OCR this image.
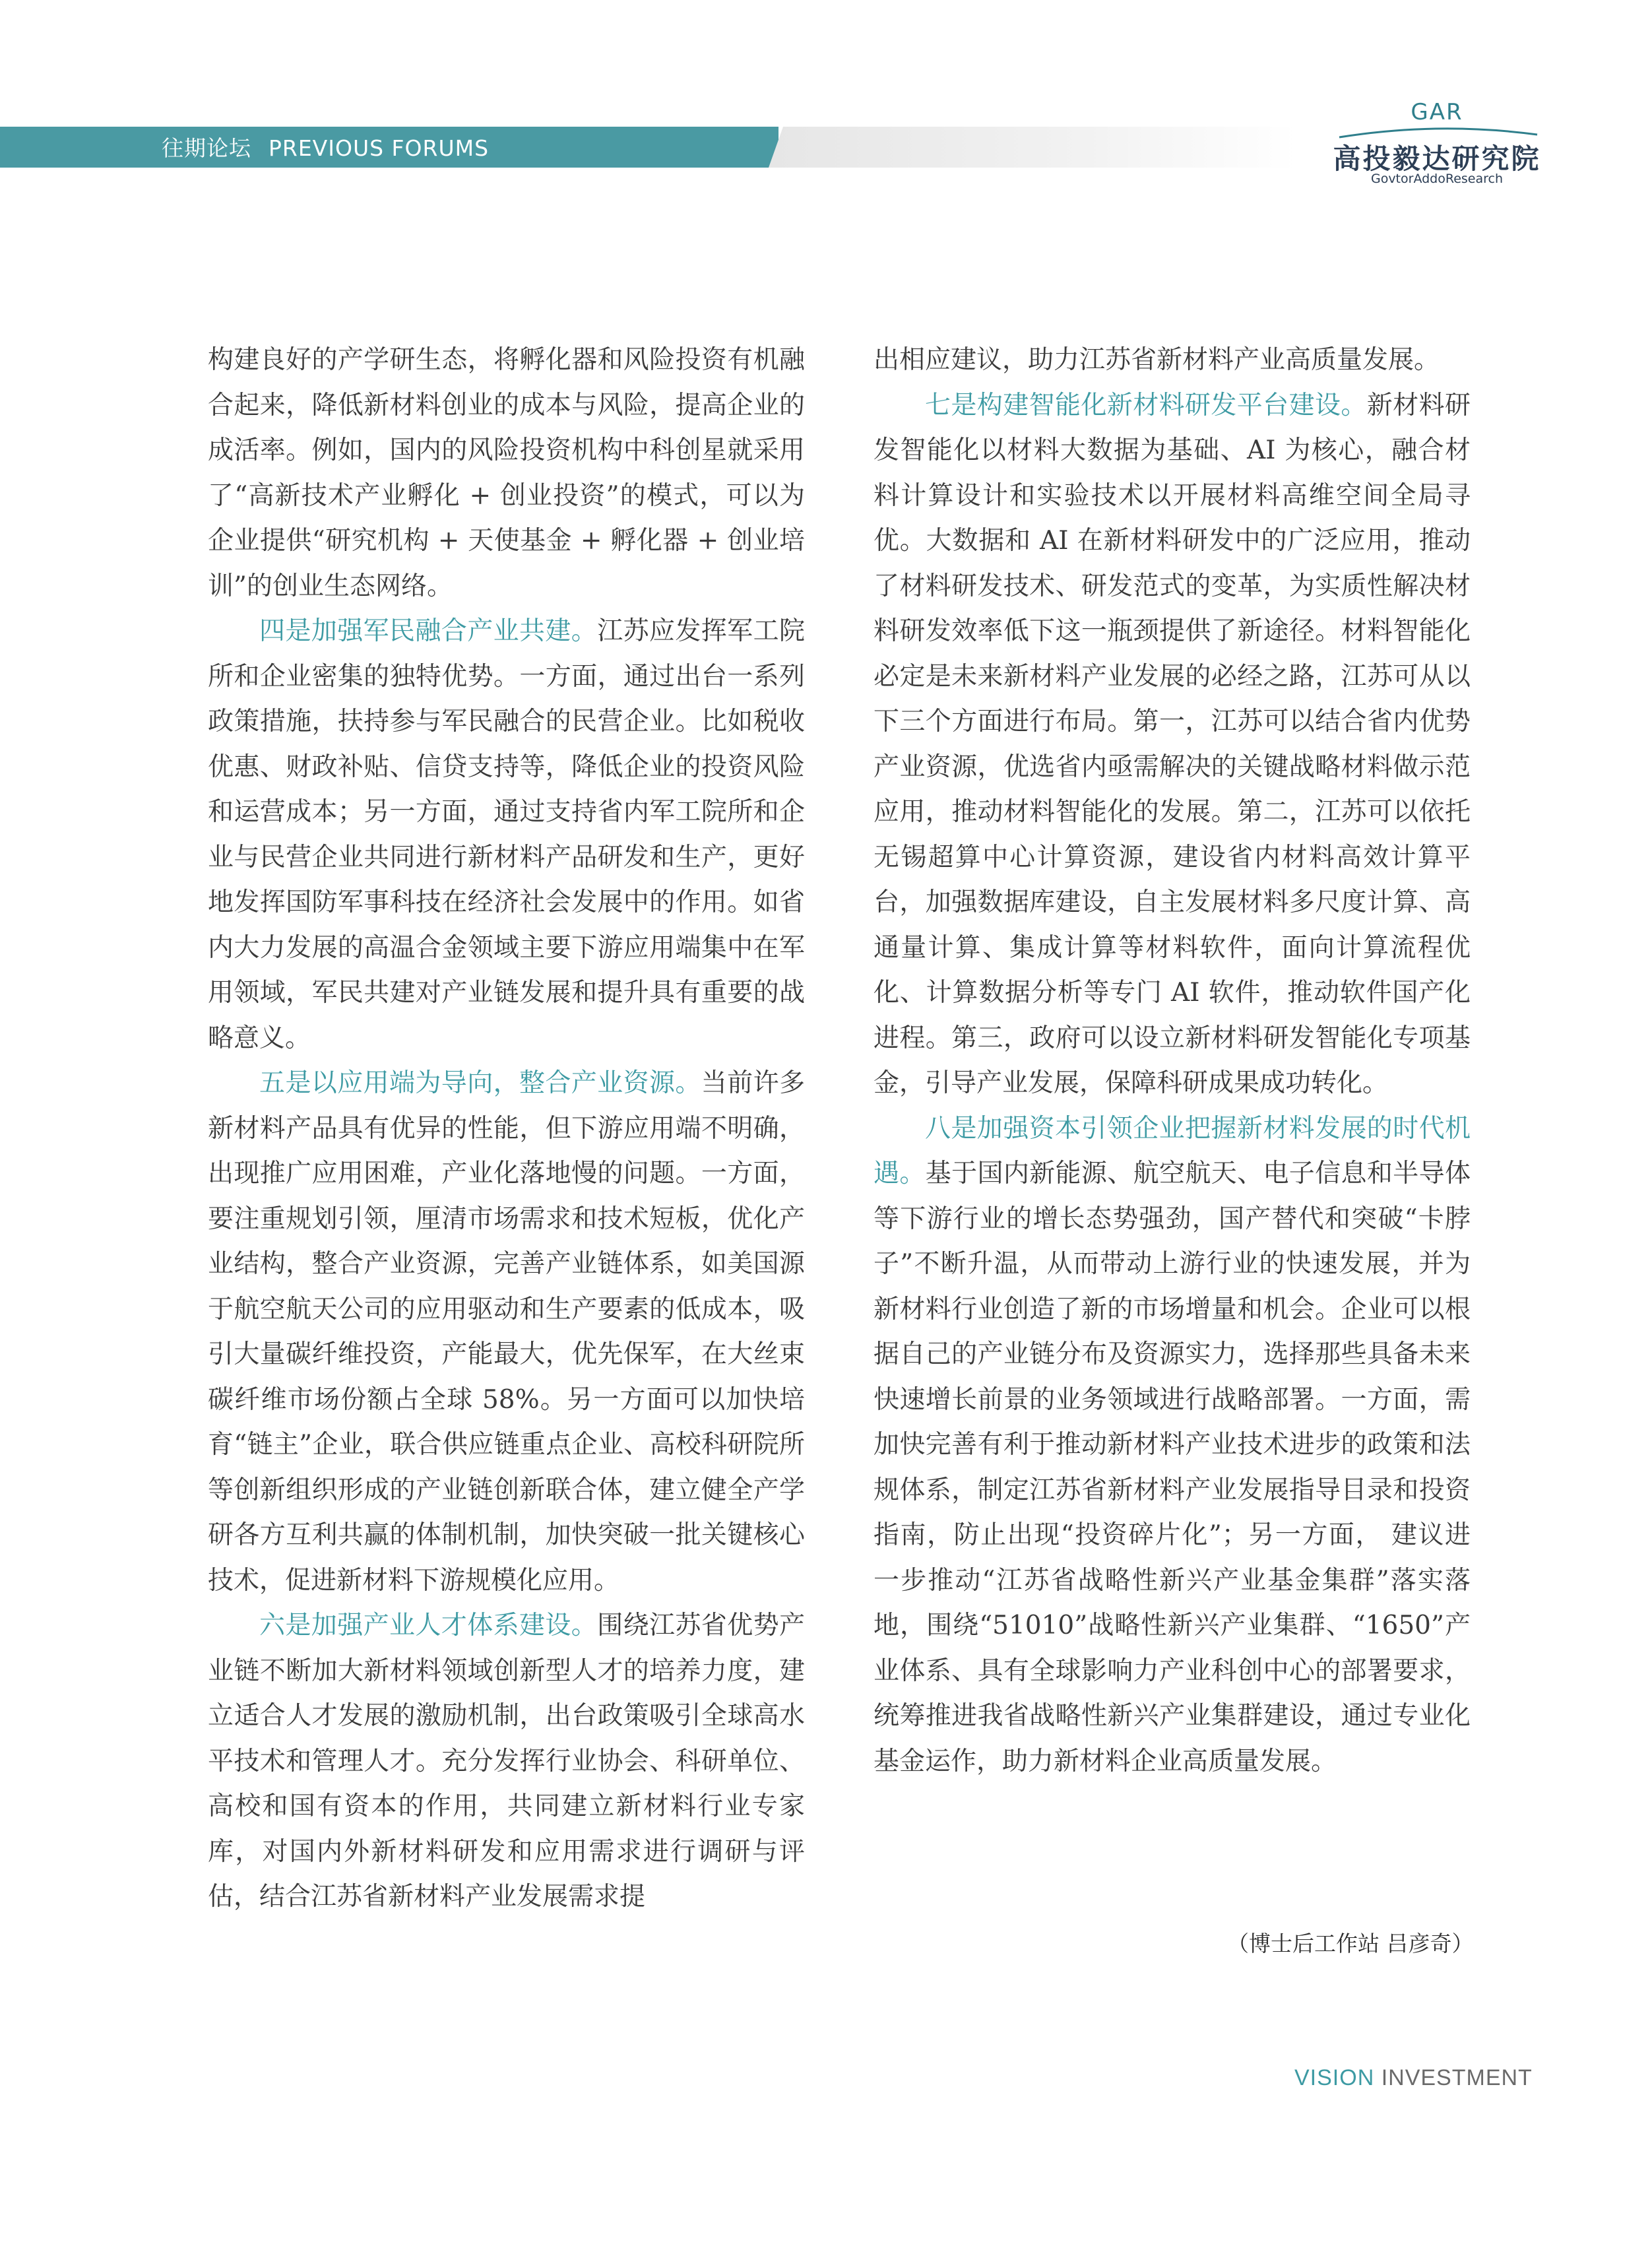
往期论坛 PREVIOUS FORUMS
GAR
高投毅达研究院
GovtorAddoResearch

构建良好的产学研生态，将孵化器和风险投资有机融合起来，降低新材料创业的成本与风险，提高企业的成活率。例如，国内的风险投资机构中科创星就采用了“高新技术产业孵化 + 创业投资”的模式，可以为企业提供“研究机构 + 天使基金 + 孵化器 + 创业培训”的创业生态网络。

四是加强军民融合产业共建。江苏应发挥军工院所和企业密集的独特优势。一方面，通过出台一系列政策措施，扶持参与军民融合的民营企业。比如税收优惠、财政补贴、信贷支持等，降低企业的投资风险和运营成本；另一方面，通过支持省内军工院所和企业与民营企业共同进行新材料产品研发和生产，更好地发挥国防军事科技在经济社会发展中的作用。如省内大力发展的高温合金领域主要下游应用端集中在军用领域，军民共建对产业链发展和提升具有重要的战略意义。

五是以应用端为导向，整合产业资源。当前许多新材料产品具有优异的性能，但下游应用端不明确，出现推广应用困难，产业化落地慢的问题。一方面，要注重规划引领，厘清市场需求和技术短板，优化产业结构，整合产业资源，完善产业链体系，如美国源于航空航天公司的应用驱动和生产要素的低成本，吸引大量碳纤维投资，产能最大，优先保军，在大丝束碳纤维市场份额占全球 58%。另一方面可以加快培育“链主”企业，联合供应链重点企业、高校科研院所等创新组织形成的产业链创新联合体，建立健全产学研各方互利共赢的体制机制，加快突破一批关键核心技术，促进新材料下游规模化应用。

六是加强产业人才体系建设。围绕江苏省优势产业链不断加大新材料领域创新型人才的培养力度，建立适合人才发展的激励机制，出台政策吸引全球高水平技术和管理人才。充分发挥行业协会、科研单位、高校和国有资本的作用，共同建立新材料行业专家库，对国内外新材料研发和应用需求进行调研与评估，结合江苏省新材料产业发展需求提

出相应建议，助力江苏省新材料产业高质量发展。

七是构建智能化新材料研发平台建设。新材料研发智能化以材料大数据为基础、AI 为核心，融合材料计算设计和实验技术以开展材料高维空间全局寻优。大数据和 AI 在新材料研发中的广泛应用，推动了材料研发技术、研发范式的变革，为实质性解决材料研发效率低下这一瓶颈提供了新途径。材料智能化必定是未来新材料产业发展的必经之路，江苏可从以下三个方面进行布局。第一，江苏可以结合省内优势产业资源，优选省内亟需解决的关键战略材料做示范应用，推动材料智能化的发展。第二，江苏可以依托无锡超算中心计算资源，建设省内材料高效计算平台，加强数据库建设，自主发展材料多尺度计算、高通量计算、集成计算等材料软件，面向计算流程优化、计算数据分析等专门 AI 软件，推动软件国产化进程。第三，政府可以设立新材料研发智能化专项基金，引导产业发展，保障科研成果成功转化。

八是加强资本引领企业把握新材料发展的时代机遇。基于国内新能源、航空航天、电子信息和半导体等下游行业的增长态势强劲，国产替代和突破“卡脖子”不断升温，从而带动上游行业的快速发展，并为新材料行业创造了新的市场增量和机会。企业可以根据自己的产业链分布及资源实力，选择那些具备未来快速增长前景的业务领域进行战略部署。一方面，需加快完善有利于推动新材料产业技术进步的政策和法规体系，制定江苏省新材料产业发展指导目录和投资指南，防止出现“投资碎片化”；另一方面， 建议进一步推动“江苏省战略性新兴产业基金集群”落实落地，围绕“51010”战略性新兴产业集群、“1650”产业体系、具有全球影响力产业科创中心的部署要求，统筹推进我省战略性新兴产业集群建设，通过专业化基金运作，助力新材料企业高质量发展。

（博士后工作站 吕彦奇）
VISION INVESTMENT
